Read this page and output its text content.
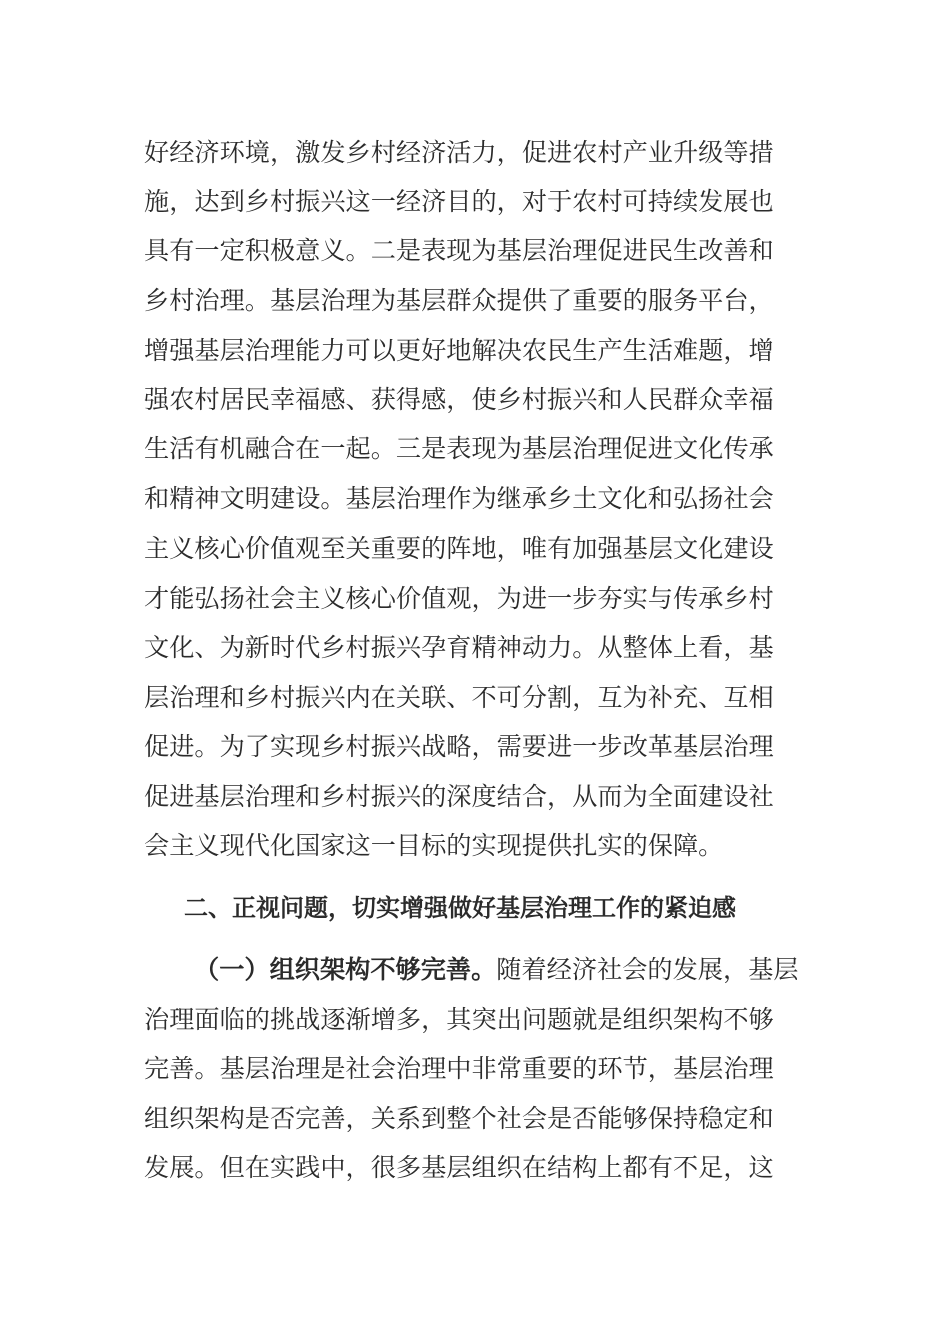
好经济环境，激发乡村经济活力，促进农村产业升级等措
施，达到乡村振兴这一经济目的，对于农村可持续发展也
具有一定积极意义。二是表现为基层治理促进民生改善和
乡村治理。基层治理为基层群众提供了重要的服务平台，
增强基层治理能力可以更好地解决农民生产生活难题，增
强农村居民幸福感、获得感，使乡村振兴和人民群众幸福
生活有机融合在一起。三是表现为基层治理促进文化传承
和精神文明建设。基层治理作为继承乡土文化和弘扬社会
主义核心价值观至关重要的阵地，唯有加强基层文化建设
才能弘扬社会主义核心价值观，为进一步夯实与传承乡村
文化、为新时代乡村振兴孕育精神动力。从整体上看，基
层治理和乡村振兴内在关联、不可分割，互为补充、互相
促进。为了实现乡村振兴战略，需要进一步改革基层治理
促进基层治理和乡村振兴的深度结合，从而为全面建设社
会主义现代化国家这一目标的实现提供扎实的保障。
二、正视问题，切实增强做好基层治理工作的紧迫感
（一）组织架构不够完善。随着经济社会的发展，基层
治理面临的挑战逐渐增多，其突出问题就是组织架构不够
完善。基层治理是社会治理中非常重要的环节，基层治理
组织架构是否完善，关系到整个社会是否能够保持稳定和
发展。但在实践中，很多基层组织在结构上都有不足，这
